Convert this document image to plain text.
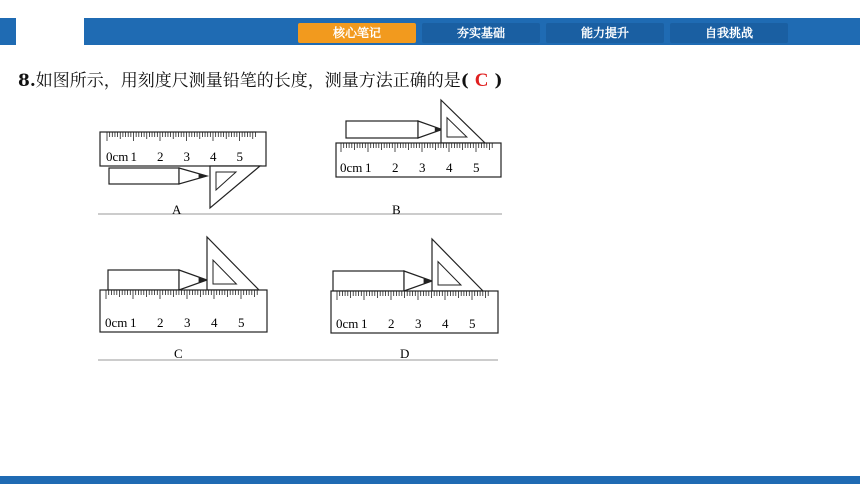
核心笔记	夯实基础	能力提升	自我挑战
8.如图所示，用刻度尺测量铅笔的长度，测量方法正确的是( C )
0cm 1 2 3 4 5
A
0cm 1 2 3 4 5
B
0cm 1 2 3 4 5
C
0cm 1 2 3 4 5
D
